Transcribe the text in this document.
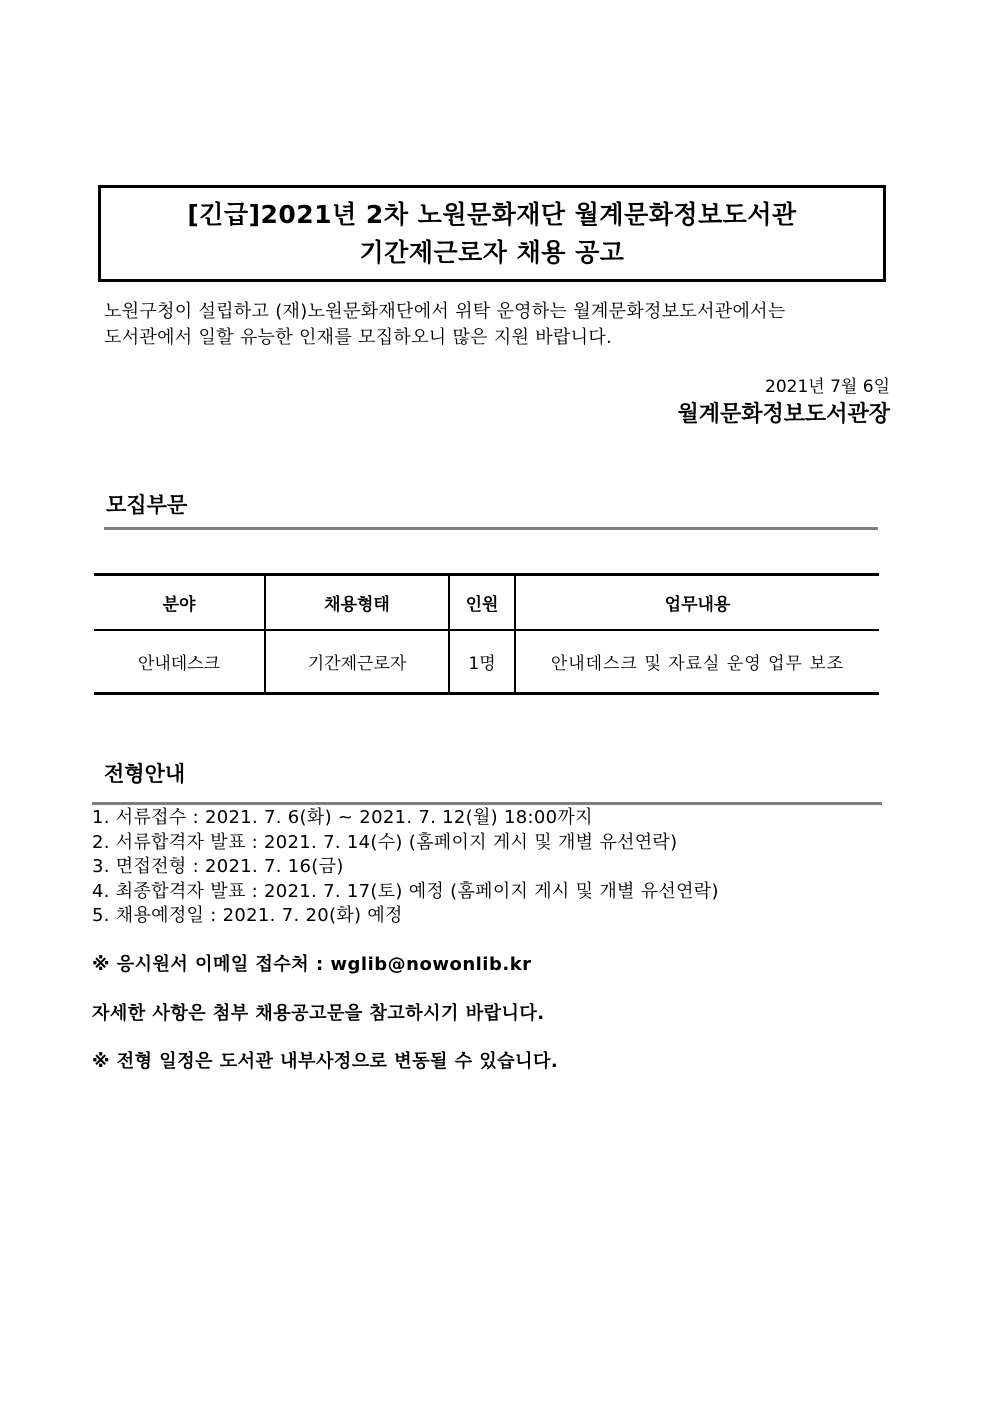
[긴급]2021년 2차 노원문화재단 월계문화정보도서관
기간제근로자 채용 공고
노원구청이 설립하고 (재)노원문화재단에서 위탁 운영하는 월계문화정보도서관에서는
도서관에서 일할 유능한 인재를 모집하오니 많은 지원 바랍니다.
2021년 7월 6일
월계문화정보도서관장
모집부문
분야	채용형태	인원	업무내용
안내데스크	기간제근로자	1명	안내데스크 및 자료실 운영 업무 보조
전형안내
1. 서류접수 : 2021. 7. 6(화) ~ 2021. 7. 12(월) 18:00까지
2. 서류합격자 발표 : 2021. 7. 14(수) (홈페이지 게시 및 개별 유선연락)
3. 면접전형 : 2021. 7. 16(금)
4. 최종합격자 발표 : 2021. 7. 17(토) 예정 (홈페이지 게시 및 개별 유선연락)
5. 채용예정일 : 2021. 7. 20(화) 예정
※ 응시원서 이메일 접수처 : wglib@nowonlib.kr
자세한 사항은 첨부 채용공고문을 참고하시기 바랍니다.
※ 전형 일정은 도서관 내부사정으로 변동될 수 있습니다.
